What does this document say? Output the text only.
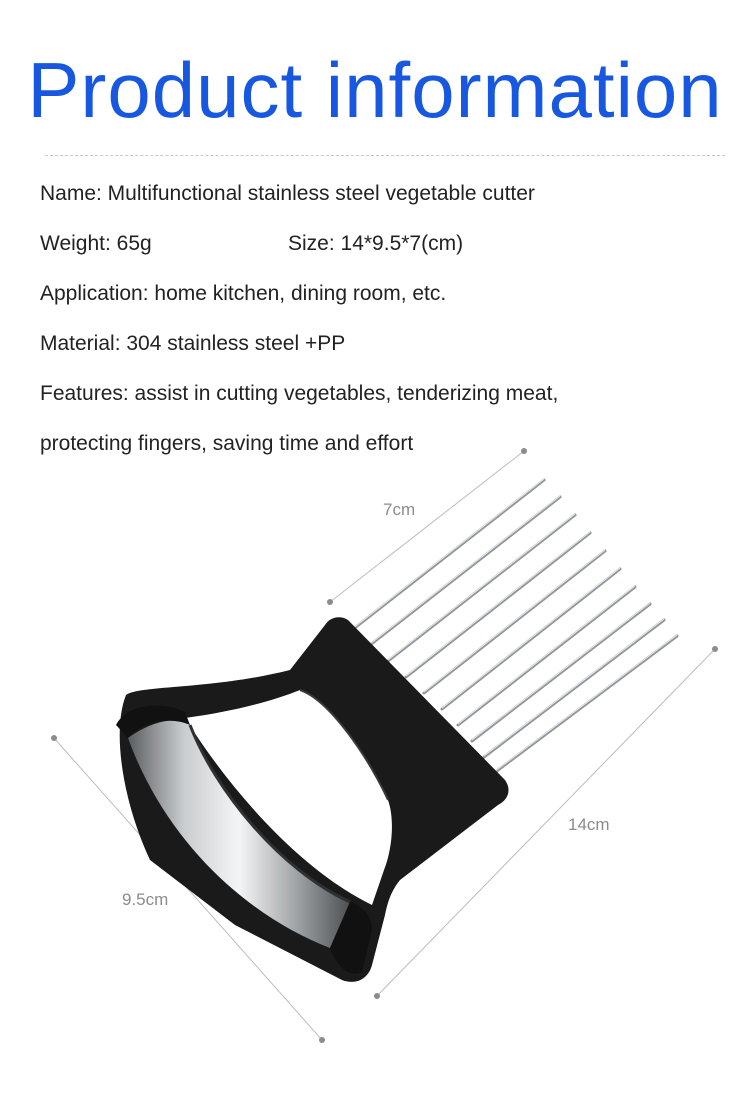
Product information
Name: Multifunctional stainless steel vegetable cutter
Weight: 65g	Size: 14*9.5*7(cm)
Application: home kitchen, dining room, etc.
Material: 304 stainless steel +PP
Features: assist in cutting vegetables, tenderizing meat,
protecting fingers, saving time and effort
7cm
14cm
9.5cm
